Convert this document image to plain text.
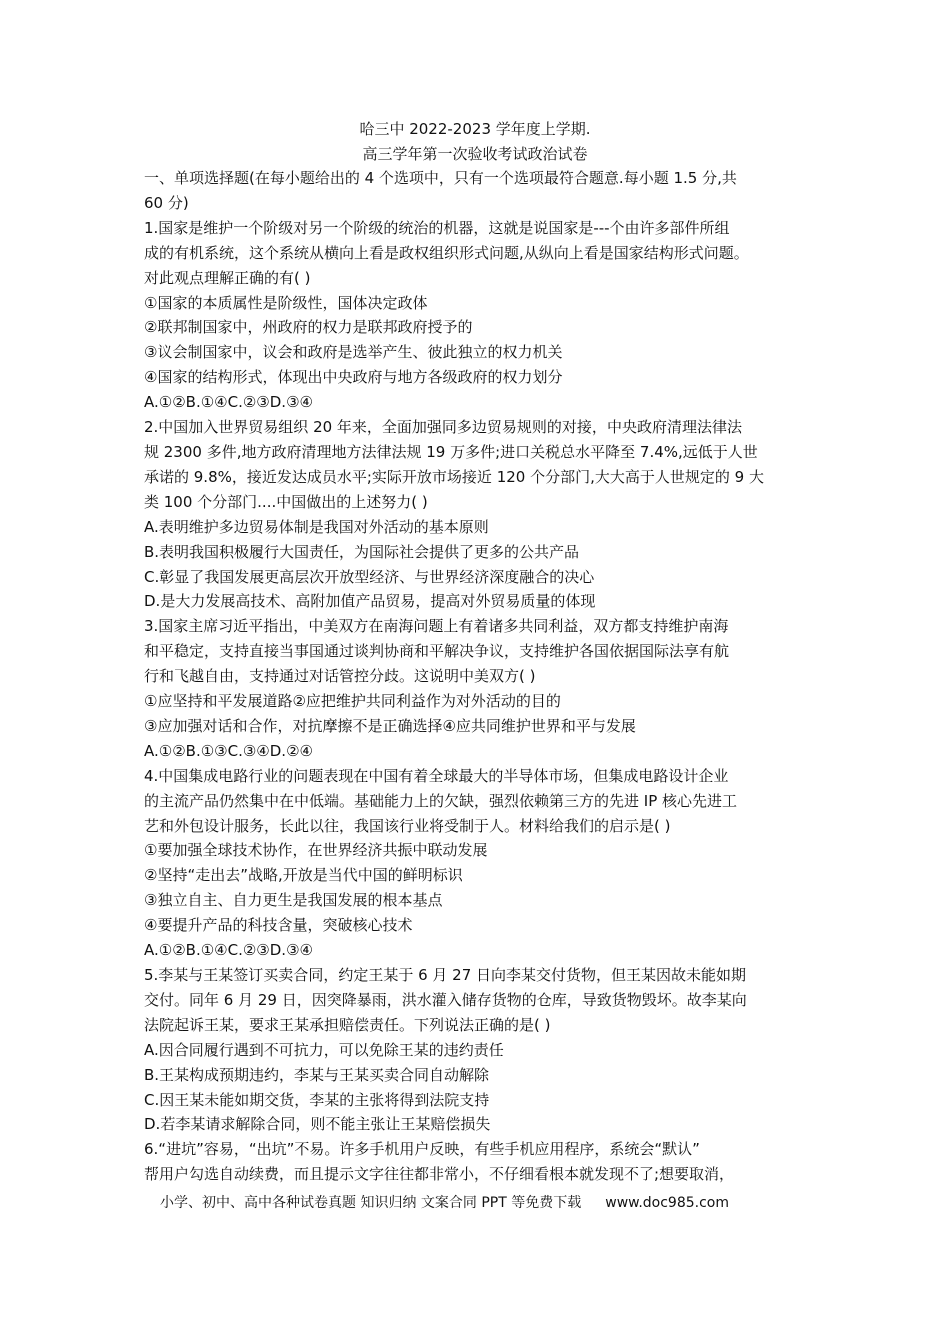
哈三中 2022-2023 学年度上学期.
高三学年第一次验收考试政治试卷
一、单项选择题(在每小题给出的 4 个选项中，只有一个选项最符合题意.每小题 1.5 分,共
60 分)
1.国家是维护一个阶级对另一个阶级的统治的机器，这就是说国家是---个由许多部件所组
成的有机系统，这个系统从横向上看是政权组织形式问题,从纵向上看是国家结构形式问题。
对此观点理解正确的有( )
①国家的本质属性是阶级性，国体决定政体
②联邦制国家中，州政府的权力是联邦政府授予的
③议会制国家中，议会和政府是选举产生、彼此独立的权力机关
④国家的结构形式，体现出中央政府与地方各级政府的权力划分
A.①②B.①④C.②③D.③④
2.中国加入世界贸易组织 20 年来，全面加强同多边贸易规则的对接，中央政府清理法律法
规 2300 多件,地方政府清理地方法律法规 19 万多件;进口关税总水平降至 7.4%,远低于人世
承诺的 9.8%，接近发达成员水平;实际开放市场接近 120 个分部门,大大高于人世规定的 9 大
类 100 个分部门....中国做出的上述努力( )
A.表明维护多边贸易体制是我国对外活动的基本原则
B.表明我国积极履行大国责任，为国际社会提供了更多的公共产品
C.彰显了我国发展更高层次开放型经济、与世界经济深度融合的决心
D.是大力发展高技术、高附加值产品贸易，提高对外贸易质量的体现
3.国家主席习近平指出，中美双方在南海问题上有着诸多共同利益，双方都支持维护南海
和平稳定，支持直接当事国通过谈判协商和平解决争议，支持维护各国依据国际法享有航
行和飞越自由，支持通过对话管控分歧。这说明中美双方( )
①应坚持和平发展道路②应把维护共同利益作为对外活动的目的
③应加强对话和合作，对抗摩擦不是正确选择④应共同维护世界和平与发展
A.①②B.①③C.③④D.②④
4.中国集成电路行业的问题表现在中国有着全球最大的半导体市场，但集成电路设计企业
的主流产品仍然集中在中低端。基础能力上的欠缺，强烈依赖第三方的先进 IP 核心先进工
艺和外包设计服务，长此以往，我国该行业将受制于人。材料给我们的启示是( )
①要加强全球技术协作，在世界经济共振中联动发展
②坚持“走出去”战略,开放是当代中国的鲜明标识
③独立自主、自力更生是我国发展的根本基点
④要提升产品的科技含量，突破核心技术
A.①②B.①④C.②③D.③④
5.李某与王某签订买卖合同，约定王某于 6 月 27 日向李某交付货物，但王某因故未能如期
交付。同年 6 月 29 日，因突降暴雨，洪水灌入储存货物的仓库，导致货物毁坏。故李某向
法院起诉王某，要求王某承担赔偿责任。下列说法正确的是( )
A.因合同履行遇到不可抗力，可以免除王某的违约责任
B.王某构成预期违约，李某与王某买卖合同自动解除
C.因王某未能如期交货，李某的主张将得到法院支持
D.若李某请求解除合同，则不能主张让王某赔偿损失
6.“进坑”容易，“出坑”不易。许多手机用户反映，有些手机应用程序，系统会“默认”
帮用户勾选自动续费，而且提示文字往往都非常小，不仔细看根本就发现不了;想要取消，
小学、初中、高中各种试卷真题 知识归纳 文案合同 PPT 等免费下载 www.doc985.com
